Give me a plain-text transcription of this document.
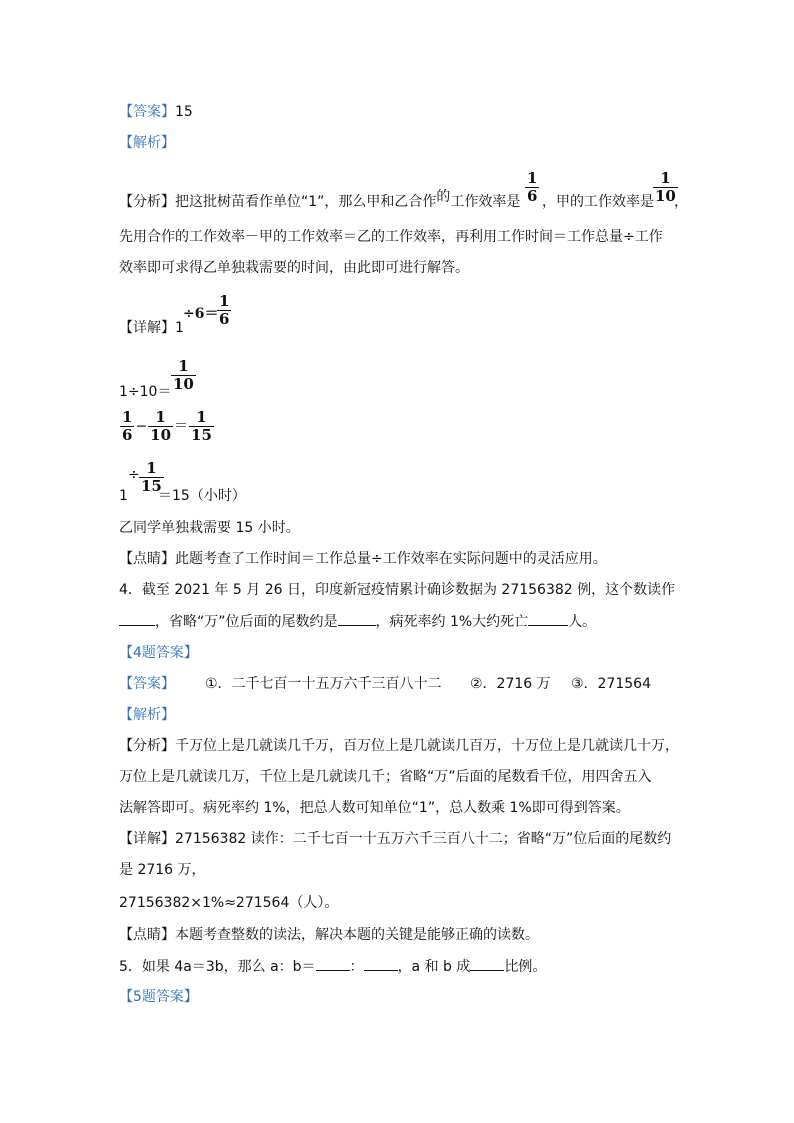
【答案】15
【解析】
【分析】把这批树苗看作单位“1”，那么甲和乙合作的工作效率是 $\frac{1}{6}$ ，甲的工作效率是 $\frac{1}{10}$
，
先用合作的工作效率－甲的工作效率＝乙的工作效率，再利用工作时间＝工作总量÷工作
效率即可求得乙单独栽需要的时间，由此即可进行解答。
【详解】1
÷6＝
$\frac{1}{6}$
$1\div 10= \frac{1}{10}$
$\frac{1}{6} - \frac{1}{10} = \frac{1}{15}$
÷ $\frac{1}{15}$
1 ＝15（小时）
乙同学单独栽需要 15 小时。
【点睛】此题考查了工作时间＝工作总量÷工作效率在实际问题中的灵活应用。
4．截至 2021 年 5 月 26 日，印度新冠疫情累计确诊数据为 27156382 例，这个数读作
，省略“万”位后面的尾数约是	，病死率约 1%大约死亡	人。
【4题答案】
【答案】 ①．二千七百一十五万六千三百八十二 ②．2716 万 ③．271564
【解析】
【分析】千万位上是几就读几千万，百万位上是几就读几百万，十万位上是几就读几十万，
万位上是几就读几万，千位上是几就读几千；省略“万”后面的尾数看千位，用四舍五入
法解答即可。病死率约 1%，把总人数可知单位“1”，总人数乘 1%即可得到答案。
【详解】27156382 读作：二千七百一十五万六千三百八十二；省略“万”位后面的尾数约
是 2716 万，
27156382×1%≈271564（人）。
【点睛】本题考查整数的读法，解决本题的关键是能够正确的读数。
5．如果 4a＝3b，那么 a：b＝ ： ，a 和 b 成 比例。
【5题答案】
